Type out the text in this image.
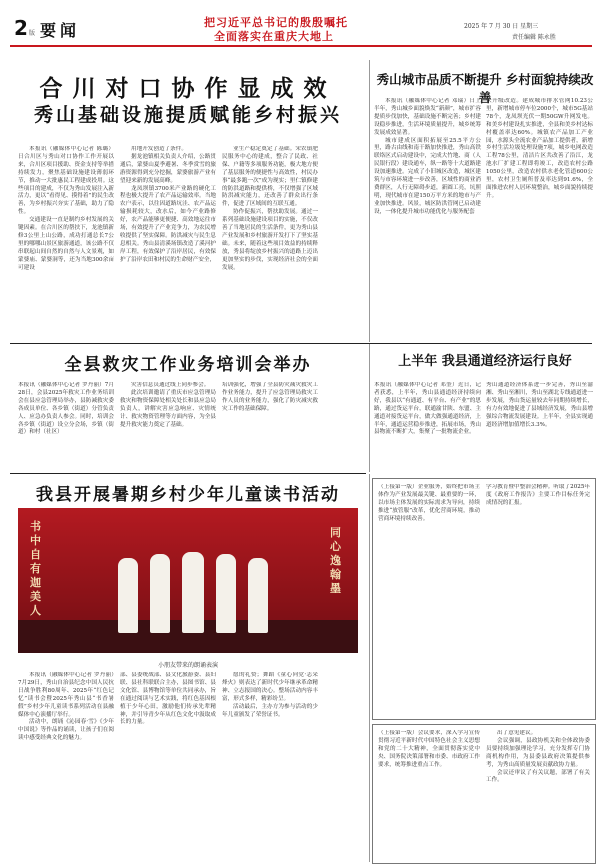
2 版 要闻	把习近平总书记的殷殷嘱托
全面落实在重庆大地上
2025 年 7 月 30 日 星期三
责任编辑 陈永胜
合川对口协作显成效
秀山基础设施提质赋能乡村振兴

本报讯（融媒体中心记者 陈璐）日合川区与秀山对口协作工作开展以来，合川区项目援助、资金支持等举措持续发力，聚焦基础设施建设薄弱环节，推动一大批惠民工程建成投用。这些项目的建成，不仅为秀山发展注入新活力，更以“看得见、摸得着”的民生改善，为乡村振兴夯实了基础，助力了隐性。

交通建设一直是制约乡村发展的关键因素。在合川区的帮扶下，龙池镇新修3公里上山公路，成功打通总长7公里的哪哪山景区旅游通道，该公路不仅串联起山间自然的自然与人文景观，如蒙婆庙、蒙婆洞等，还为当地300余亩可建设

用地开发创造了条件。

据龙池镇相关负责人介绍，公路贯通后，蒙婆山夏季避暑、冬季赏雪的旅游资源得到充分挖掘，蒙婆旅游产业有望迎来新的发展高峰。

龙凤坝镇3700米产业路的硬化工程也极大提升了农产品运输效率。当地农户表示，以往因道路坑洼、农产品运输损耗较大，改水后，如今产业路修好，农产品能够更便捷、高效地运往市场，有效提升了产业竞争力，为农民增收提供了坚实保障。防洪减灾与民生息息相关。秀山县清溪场镇改造了溪河护岸工程，有效保护了沿岸居民，有效保护了沿岸农田和村民的生命财产安全，

业生产稳定奠定了基础。宋农镇肥民服务中心的建成，整合了民政、社保、户籍等多项服务功能，极大地方便了基层服务的便捷性与高效性，村民办事“最多跑一次”成为现实；里仁镇修建的防洪道路和提供桥，不仅增强了区域防洪减灾能力，还改善了群众出行条件，促进了区域间的互联互通。

协作促振兴，帮扶助发展。通过一系列基础设施建设项目的实施，不仅改善了当地居民的生活条件，更为秀山县产业发展和乡村旅游开发打下了坚实基础。未来，随着这些项目效益的持续释放，秀县将绽放乡村振兴的道路上迈出更加坚实的步伐，实现经济社会的全面发展。

秀山城市品质不断提升 乡村面貌持续改善

本报讯（融媒体中心记者 邓瑞）日上半年，秀山城乡面貌焕发“新颜”，城市扩容提质步伐加快，基础设施不断完善；乡村建设稳步推进，生活环境质量提升，城乡统筹发展成效显著。

城市建成区面积拓展至25.5平方公里，路古由线和南干路加快推进，秀山高铁联络区式启动建设中，完成大竹地、商（人民银行段）建设通车，纵一路等十大道路建设加速推进。完成了小旧城区改造，城区建筑与市容环境进一步改善，区域性的商业消费群区，人行无障碍步道，新圆工亮，坑照明，现代城市在建150万平方米的地市与产业加快推进。风景，城区防洪管网已启动建设，一体化提升城市功能优化与服务配套

快升级改造。建成城市排水管网10.23公里，新增城市停车位2000个，城市5G基站78个，龙凤坝光伏一期50GW升网发电。和美乡村建设扎实推进，全县和美乡村达标村覆盖率达60%。城镇农产品加工产业园，水源头全流农业产品加工提供者，新增乡村生活垃圾处理设施7项，城乡电网改造工程78公里，清洁片区共改善了沿江，龙池水厂扩建工程即将竣工，改造农村公路1050公里，改造农村供水老化管道600公里，农村卫生厕所普及率达到91.6%，全面推进农村人居环境整治，城乡面貌持续提升。
全县救灾工作业务培训会举办
本报讯（融媒体中心记者 罗丹丽）7月28日，会县2025年救灾工作业务培训会在县应急管理局举办，县防减救灾委各成员单位、各乡镇（街道）分管负责人、应急办负责人参会。同时，培训会各乡镇（街道）设立分会场，乡镇（街道）和村（社区）

灾害信息员通过线上同步参会。

此次培训邀请了重庆市应急管理局救灾和物资保障处相关处长和县应急局负责人，讲解灾害应急响应、灾情统计、救灾物资管理等方面内容，为全县提升救灾能力奠定了基础。

培训强化，增强了全县防灾减灾救灾工作业务能力，提升了应急管理局救灾工作人员的业务能力，强化了防灾减灾救灾工作的基础保障。
上半年 我县通道经济运行良好
本报讯（融媒体中心记者 邓奎）近日，记者获悉，上半年，秀山县通道经济持续向好，我县以“有通道、有平台、有产业”的思路，通过货运平台，联通渝甘陕、东盟、主通道对接货运平台，做大做强通道经济，上半年，通道运营稳步推进，拓展市场，秀山县物流不断扩大，集聚了一批物流企业。
秀山通道经济体系进一步完善，秀山至渝湘、秀山至湘川，秀山至湖北专线通道进一步发展，秀山货运量较去年同期持续增长，有力有效地促进了县域经济发展，秀山县增强综合物流发展建设。上半年，全县实现通道经济增加值增长3.3%。
我县开展暑期乡村少年儿童读书活动
书中自有迦美人
同心逸翰墨
小朋友带来的朗诵表演

本报讯（融媒体中心记者 罗丹丽）7月29日，秀山自治县纪念中国人民抗日战争胜利80周年、2025年“红色记忆”读书会暨2025年秀山县“书香暑假”乡村少年儿童读书系列活动在县融媒体中心演播厅举行。

活动中，朗诵《沁园春·雪》《少年中国说》等作品的诵读，让孩子们在阅读中感受经典文化的魅力。

部、县委统战部、县文化旅游委、县妇联、县社科联联合主办，县图书馆、县文化馆、县博物馆等单位共同承办，旨在通过阅读与艺术实践，将红色基因根植于少年心田，激励他们传承先辈精神，并引导青少年从红色文化中汲取成长的力量。

愿的礼赞；舞蹈《童心向党·志采烽火》则表达了新时代少年继承革命精神、立志报国的决心。整场活动内容丰富，形式多样，精彩纷呈。

活动最后，主办方为参与活动的少年儿童颁发了荣誉证书。

（上接第一版）企业服务，始终把市场主体作为产业发展最关键、最重要的一环，以市场主体发展的实际需求为导向，持续推进“放管服”改革，优化营商环境，推动营商环境持续改善。
学习教育暨中整治会精神。听取了2025年度《政府工作报告》主要工作目标任务完成情况的汇报。
（上接第一版）会议要求，深入学习宣传贯彻习近平新时代中国特色社会主义思想和党的二十大精神，全面贯彻落实党中央、国务院决策部署和市委、市政府工作要求，统筹推进重点工作。

出了意见建议。

会议强调，县政协机关和全体政协委员要持续加强理论学习，充分发挥专门协商机构作用，为县委县政府决策提供参考，为秀山高质量发展贡献政协力量。

会议还审议了有关议题，部署了有关工作。
